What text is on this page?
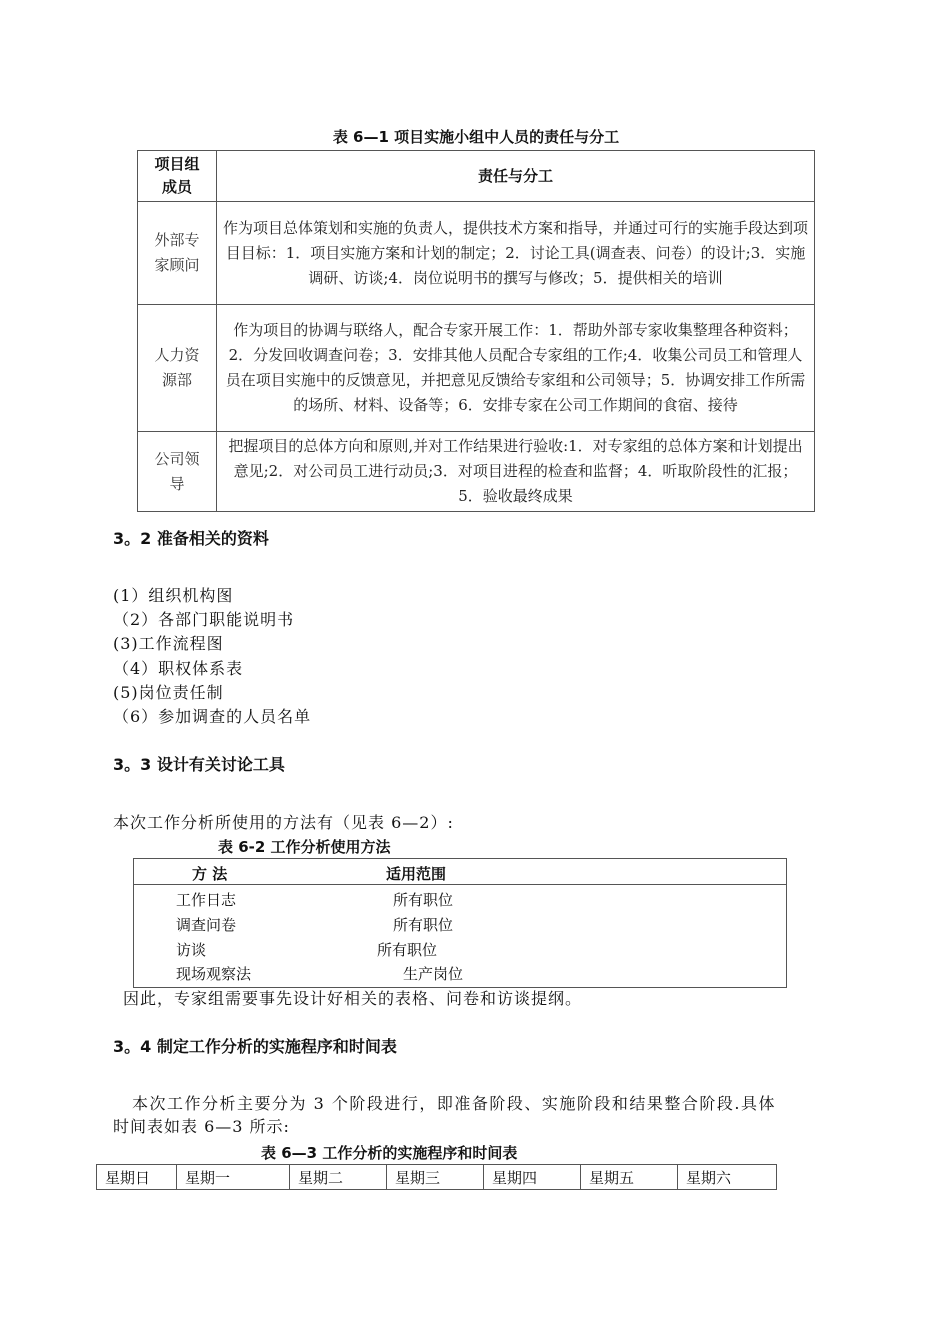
表 6—1 项目实施小组中人员的责任与分工
项目组
成员	责任与分工

外部专
家顾问	作为项目总体策划和实施的负责人，提供技术方案和指导，并通过可行的实施手段达到项目目标：1．项目实施方案和计划的制定；2．讨论工具(调查表、问卷）的设计;3．实施调研、访谈;4．岗位说明书的撰写与修改；5．提供相关的培训

人力资
源部	作为项目的协调与联络人，配合专家开展工作：1．帮助外部专家收集整理各种资料；2．分发回收调查问卷；3．安排其他人员配合专家组的工作;4．收集公司员工和管理人员在项目实施中的反馈意见，并把意见反馈给专家组和公司领导；5．协调安排工作所需的场所、材料、设备等；6．安排专家在公司工作期间的食宿、接待

公司领
导	把握项目的总体方向和原则,并对工作结果进行验收:1．对专家组的总体方案和计划提出意见;2．对公司员工进行动员;3．对项目进程的检查和监督；4．听取阶段性的汇报；5．验收最终成果
3。2 准备相关的资料
(1）组织机构图
（2）各部门职能说明书
(3)工作流程图
（4）职权体系表
(5)岗位责任制
（6）参加调查的人员名单
3。3 设计有关讨论工具
本次工作分析所使用的方法有（见表 6—2）:
表 6-2 工作分析使用方法
方 法	适用范围
工作日志	所有职位
调查问卷	所有职位
访谈	所有职位
现场观察法	生产岗位
因此，专家组需要事先设计好相关的表格、问卷和访谈提纲。
3。4 制定工作分析的实施程序和时间表
本次工作分析主要分为 3 个阶段进行，即准备阶段、实施阶段和结果整合阶段.具体
时间表如表 6—3 所示:
表 6—3 工作分析的实施程序和时间表
星期日	星期一	星期二	星期三	星期四	星期五	星期六
